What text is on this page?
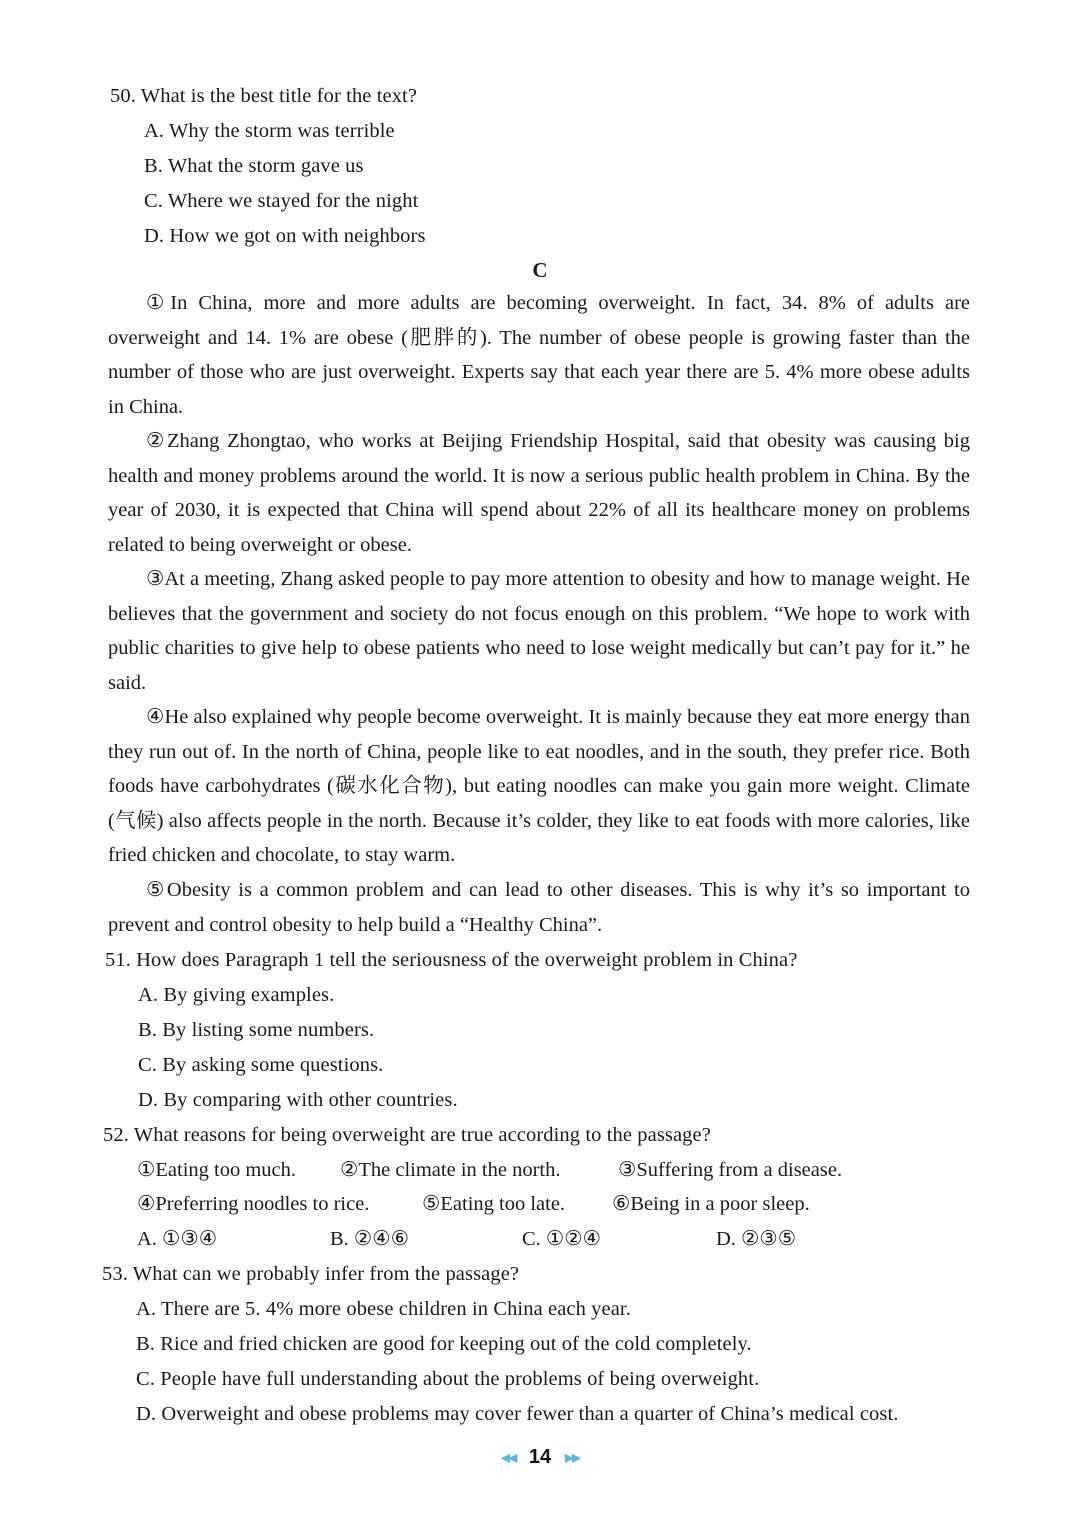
50. What is the best title for the text?
A. Why the storm was terrible
B. What the storm gave us
C. Where we stayed for the night
D. How we got on with neighbors
C

①In China, more and more adults are becoming overweight. In fact, 34. 8% of adults are overweight and 14. 1% are obese (肥胖的). The number of obese people is growing faster than the number of those who are just overweight. Experts say that each year there are 5. 4% more obese adults in China.

②Zhang Zhongtao, who works at Beijing Friendship Hospital, said that obesity was causing big health and money problems around the world. It is now a serious public health problem in China. By the year of 2030, it is expected that China will spend about 22% of all its healthcare money on problems related to being overweight or obese.

③At a meeting, Zhang asked people to pay more attention to obesity and how to manage weight. He believes that the government and society do not focus enough on this problem. “We hope to work with public charities to give help to obese patients who need to lose weight medically but can’t pay for it.” he said.

④He also explained why people become overweight. It is mainly because they eat more energy than they run out of. In the north of China, people like to eat noodles, and in the south, they prefer rice. Both foods have carbohydrates (碳水化合物), but eating noodles can make you gain more weight. Climate (气候) also affects people in the north. Because it’s colder, they like to eat foods with more calories, like fried chicken and chocolate, to stay warm.

⑤Obesity is a common problem and can lead to other diseases. This is why it’s so important to prevent and control obesity to help build a “Healthy China”.

51. How does Paragraph 1 tell the seriousness of the overweight problem in China?
A. By giving examples.
B. By listing some numbers.
C. By asking some questions.
D. By comparing with other countries.
52. What reasons for being overweight are true according to the passage?
①Eating too much. ②The climate in the north.	③Suffering from a disease.
④Preferring noodles to rice.	⑤Eating too late. ⑥Being in a poor sleep.
A. ①③④	B. ②④⑥	C. ①②④	D. ②③⑤
53. What can we probably infer from the passage?
A. There are 5. 4% more obese children in China each year.
B. Rice and fried chicken are good for keeping out of the cold completely.
C. People have full understanding about the problems of being overweight.
D. Overweight and obese problems may cover fewer than a quarter of China’s medical cost.
◀◀ 14 ▶▶
